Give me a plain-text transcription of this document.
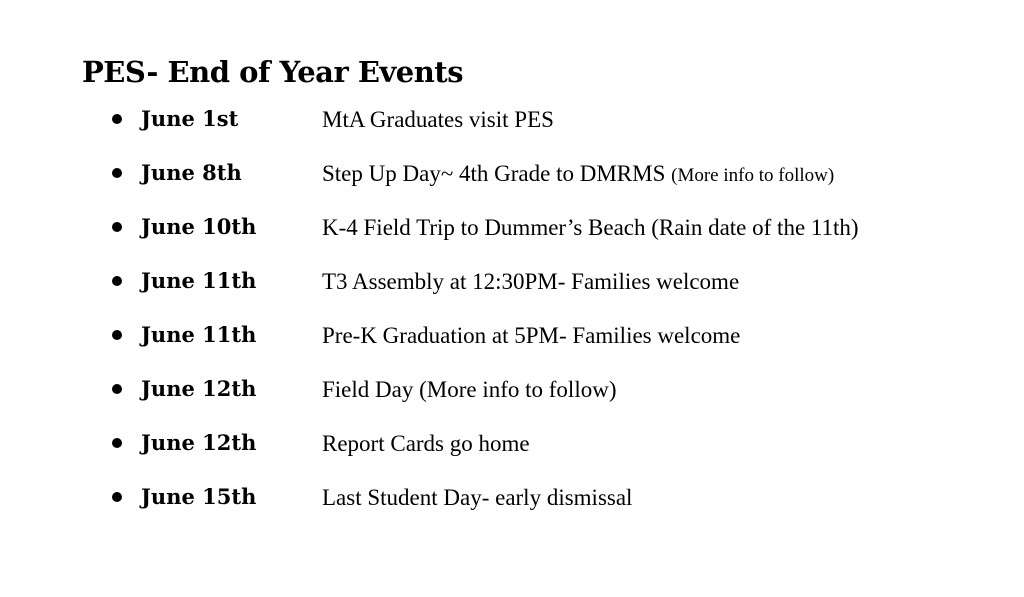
PES- End of Year Events
June 1st	MtA Graduates visit PES
June 8th	Step Up Day~ 4th Grade to DMRMS (More info to follow)
June 10th	K-4 Field Trip to Dummer’s Beach (Rain date of the 11th)
June 11th	T3 Assembly at 12:30PM- Families welcome
June 11th	Pre-K Graduation at 5PM- Families welcome
June 12th	Field Day (More info to follow)
June 12th	Report Cards go home
June 15th	Last Student Day- early dismissal
